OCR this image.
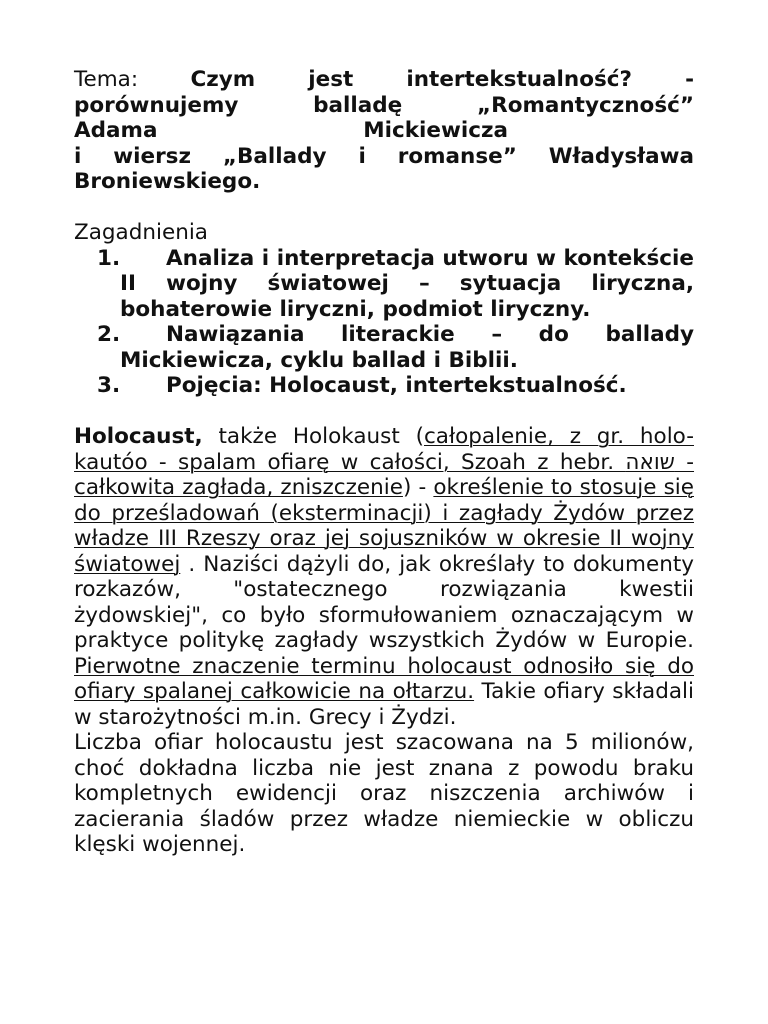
Tema: Czym jest intertekstualność? -

porównujemy balladę „Romantyczność”

Adama Mickiewicza

i wiersz „Ballady i romanse” Władysława

Broniewskiego.

Zagadnienia

1. Analiza i interpretacja utworu w kontekście II wojny światowej – sytuacja liryczna, bohaterowie liryczni, podmiot liryczny.
2. Nawiązania literackie – do ballady Mickiewicza, cyklu ballad i Biblii.
3. Pojęcia: Holocaust, intertekstualność.

Holocaust, także Holokaust (całopalenie, z gr. holo-kautóo - spalam ofiarę w całości, Szoah z hebr. שואה - całkowita zagłada, zniszczenie) - określenie to stosuje się do prześladowań (eksterminacji) i zagłady Żydów przez władze III Rzeszy oraz jej sojuszników w okresie II wojny światowej . Naziści dążyli do, jak określały to dokumenty rozkazów, "ostatecznego rozwiązania kwestii żydowskiej", co było sformułowaniem oznaczającym w praktyce politykę zagłady wszystkich Żydów w Europie. Pierwotne znaczenie terminu holocaust odnosiło się do ofiary spalanej całkowicie na ołtarzu. Takie ofiary składali w starożytności m.in. Grecy i Żydzi.

Liczba ofiar holocaustu jest szacowana na 5 milionów, choć dokładna liczba nie jest znana z powodu braku kompletnych ewidencji oraz niszczenia archiwów i zacierania śladów przez władze niemieckie w obliczu klęski wojennej.
